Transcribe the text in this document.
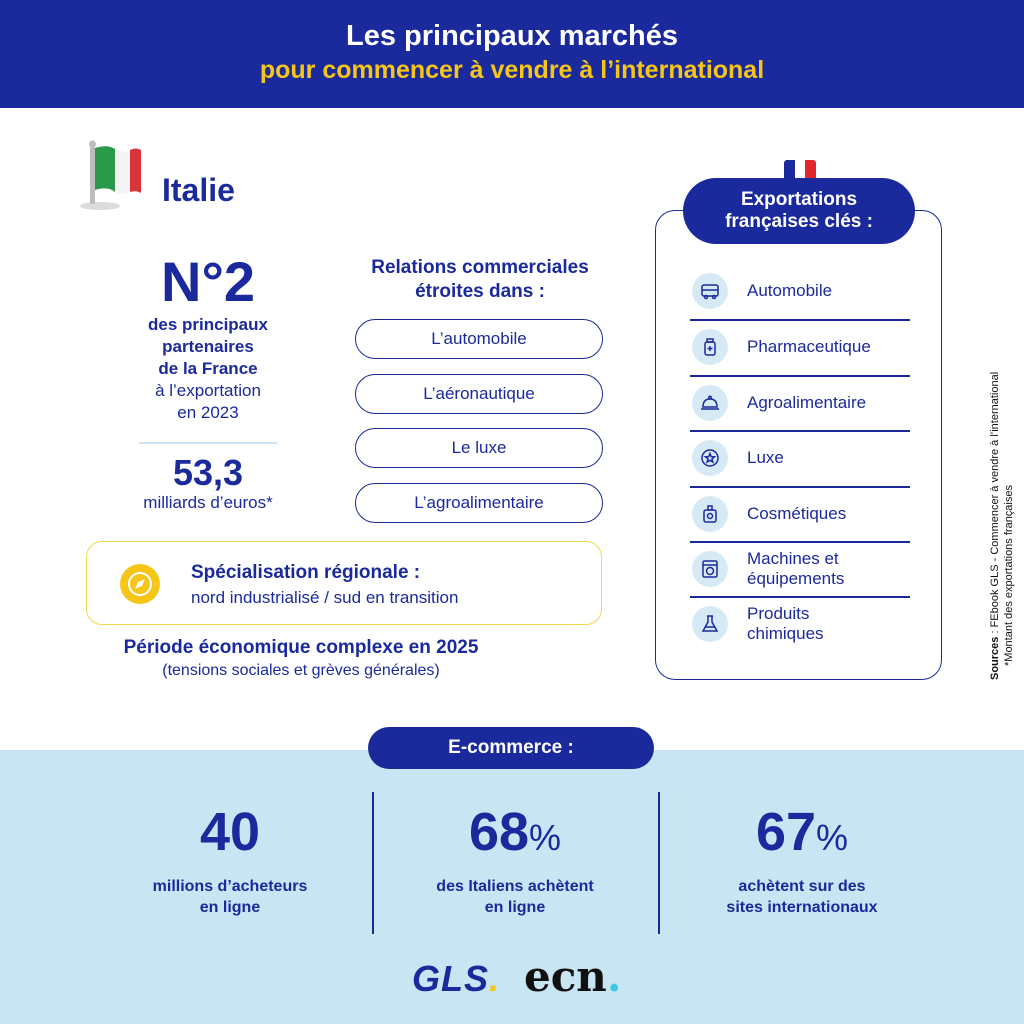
Les principaux marchés
pour commencer à vendre à l’international
Italie
N°2
des principaux
partenaires
de la France
à l’exportation
en 2023
53,3
milliards d’euros*
Relations commerciales
étroites dans :
L’automobile
L’aéronautique
Le luxe
L’agroalimentaire
Spécialisation régionale :
nord industrialisé / sud en transition
Période économique complexe en 2025
(tensions sociales et grèves générales)
Exportations
françaises clés :
Automobile
Pharmaceutique
Agroalimentaire
Luxe
Cosmétiques
Machines et
équipements
Produits
chimiques
Sources : FEbook GLS - Commencer à vendre à l’international *Montant des exportations françaises
E-commerce :
40
millions d’acheteurs
en ligne
68%
des Italiens achètent
en ligne
67%
achètent sur des
sites internationaux
GLS. ecn.
